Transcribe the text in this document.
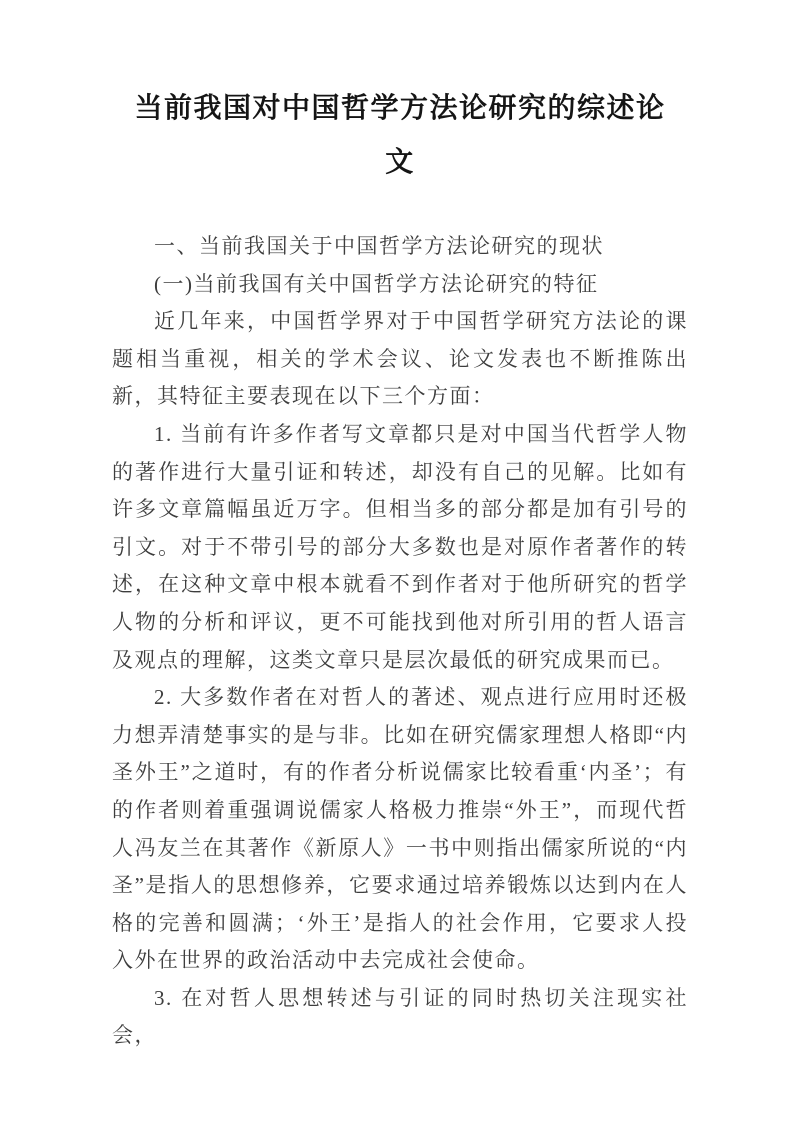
当前我国对中国哲学方法论研究的综述论文

一、当前我国关于中国哲学方法论研究的现状

(一)当前我国有关中国哲学方法论研究的特征

近几年来，中国哲学界对于中国哲学研究方法论的课题相当重视，相关的学术会议、论文发表也不断推陈出新，其特征主要表现在以下三个方面：

1. 当前有许多作者写文章都只是对中国当代哲学人物的著作进行大量引证和转述，却没有自己的见解。比如有许多文章篇幅虽近万字。但相当多的部分都是加有引号的引文。对于不带引号的部分大多数也是对原作者著作的转述，在这种文章中根本就看不到作者对于他所研究的哲学人物的分析和评议，更不可能找到他对所引用的哲人语言及观点的理解，这类文章只是层次最低的研究成果而已。

2. 大多数作者在对哲人的著述、观点进行应用时还极力想弄清楚事实的是与非。比如在研究儒家理想人格即“内圣外王”之道时，有的作者分析说儒家比较看重‘内圣’；有的作者则着重强调说儒家人格极力推崇“外王”，而现代哲人冯友兰在其著作《新原人》一书中则指出儒家所说的“内圣”是指人的思想修养，它要求通过培养锻炼以达到内在人格的完善和圆满；‘外王’是指人的社会作用，它要求人投入外在世界的政治活动中去完成社会使命。

3. 在对哲人思想转述与引证的同时热切关注现实社会，
